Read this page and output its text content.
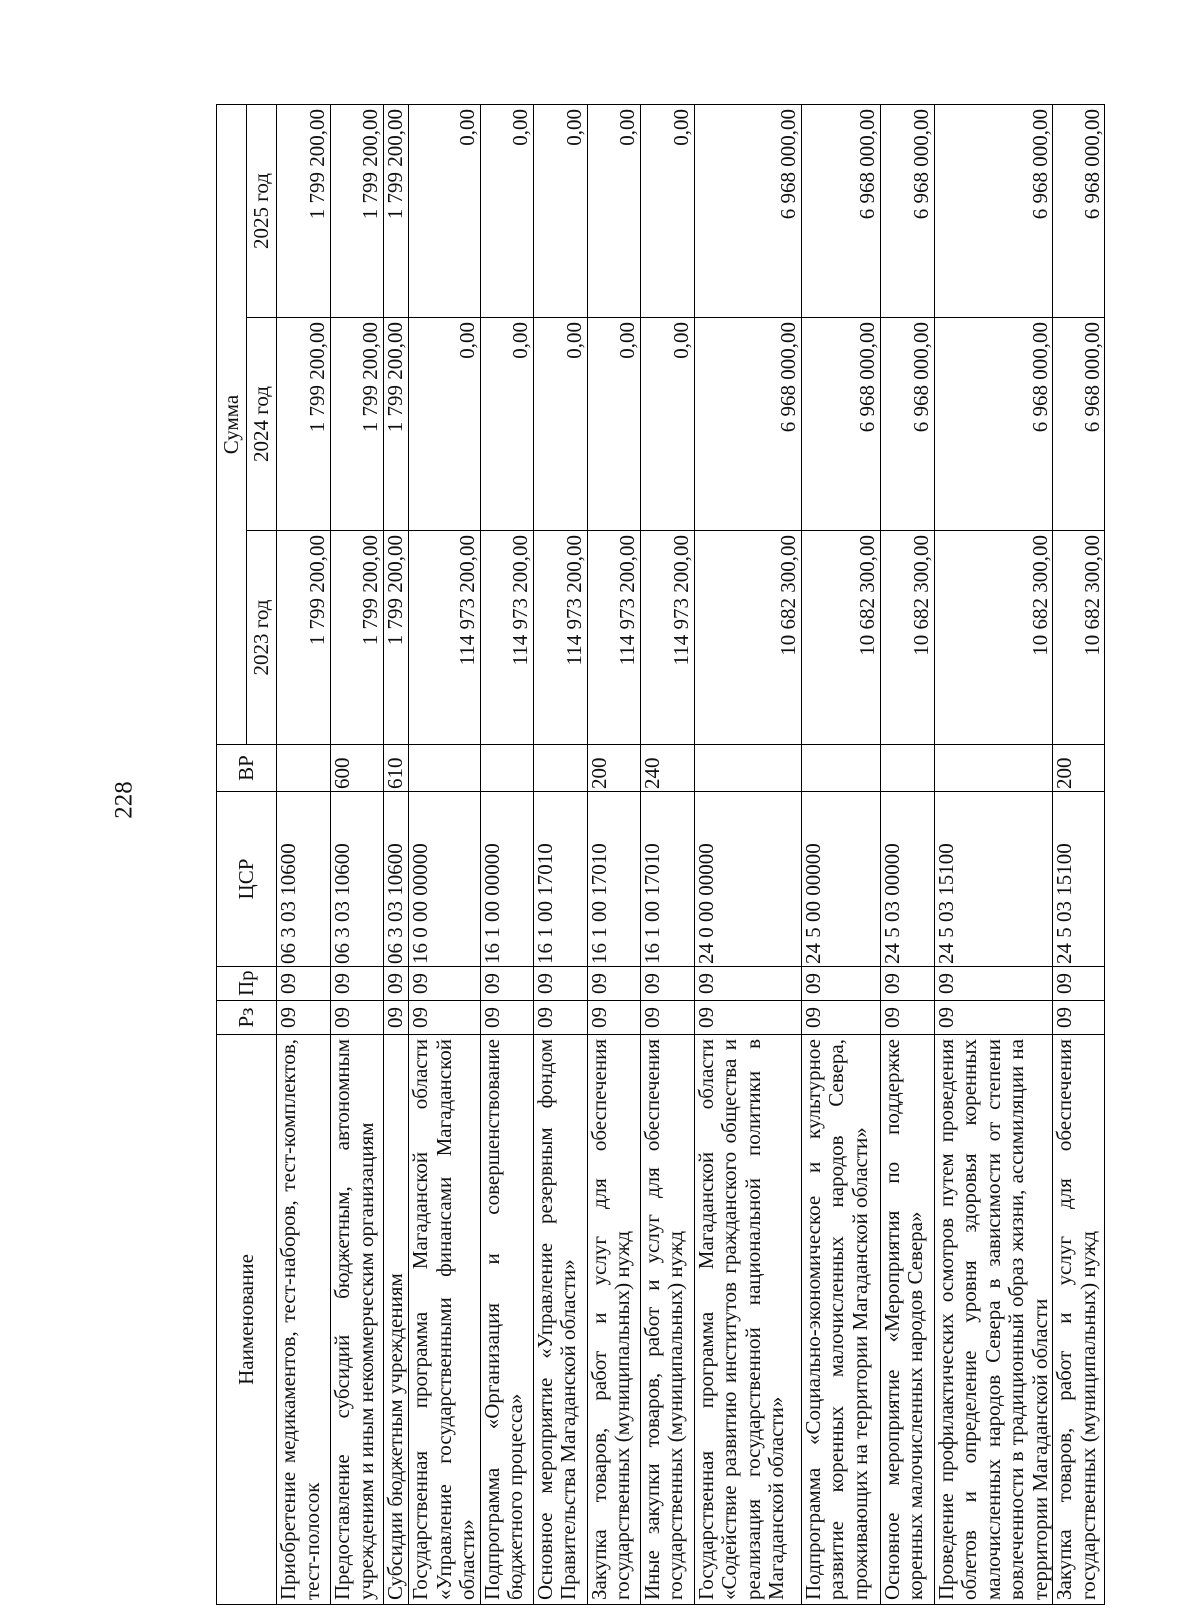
228
Наименование	Рз	Пр	ЦСР	ВР	Сумма		
					2023 год	2024 год	2025 год
Приобретение медикаментов, тест-наборов, тест-комплектов, тест-полосок	09	09	06 3 03 10600		1 799 200,00	1 799 200,00	1 799 200,00
Предоставление субсидий бюджетным, автономным учреждениям и иным некоммерческим организациям	09	09	06 3 03 10600	600	1 799 200,00	1 799 200,00	1 799 200,00
Субсидии бюджетным учреждениям	09	09	06 3 03 10600	610	1 799 200,00	1 799 200,00	1 799 200,00
Государственная программа Магаданской области «Управление государственными финансами Магаданской области»	09	09	16 0 00 00000		114 973 200,00	0,00	0,00
Подпрограмма «Организация и совершенствование бюджетного процесса»	09	09	16 1 00 00000		114 973 200,00	0,00	0,00
Основное мероприятие «Управление резервным фондом Правительства Магаданской области»	09	09	16 1 00 17010		114 973 200,00	0,00	0,00
Закупка товаров, работ и услуг для обеспечения государственных (муниципальных) нужд	09	09	16 1 00 17010	200	114 973 200,00	0,00	0,00
Иные закупки товаров, работ и услуг для обеспечения государственных (муниципальных) нужд	09	09	16 1 00 17010	240	114 973 200,00	0,00	0,00
Государственная программа Магаданской области «Содействие развитию институтов гражданского общества и реализация государственной национальной политики в Магаданской области»	09	09	24 0 00 00000		10 682 300,00	6 968 000,00	6 968 000,00
Подпрограмма «Социально-экономическое и культурное развитие коренных малочисленных народов Севера, проживающих на территории Магаданской области»	09	09	24 5 00 00000		10 682 300,00	6 968 000,00	6 968 000,00
Основное мероприятие «Мероприятия по поддержке коренных малочисленных народов Севера»	09	09	24 5 03 00000		10 682 300,00	6 968 000,00	6 968 000,00
Проведение профилактических осмотров путем проведения облетов и определение уровня здоровья коренных малочисленных народов Севера в зависимости от степени вовлеченности в традиционный образ жизни, ассимиляции на территории Магаданской области	09	09	24 5 03 15100		10 682 300,00	6 968 000,00	6 968 000,00
Закупка товаров, работ и услуг для обеспечения государственных (муниципальных) нужд	09	09	24 5 03 15100	200	10 682 300,00	6 968 000,00	6 968 000,00
